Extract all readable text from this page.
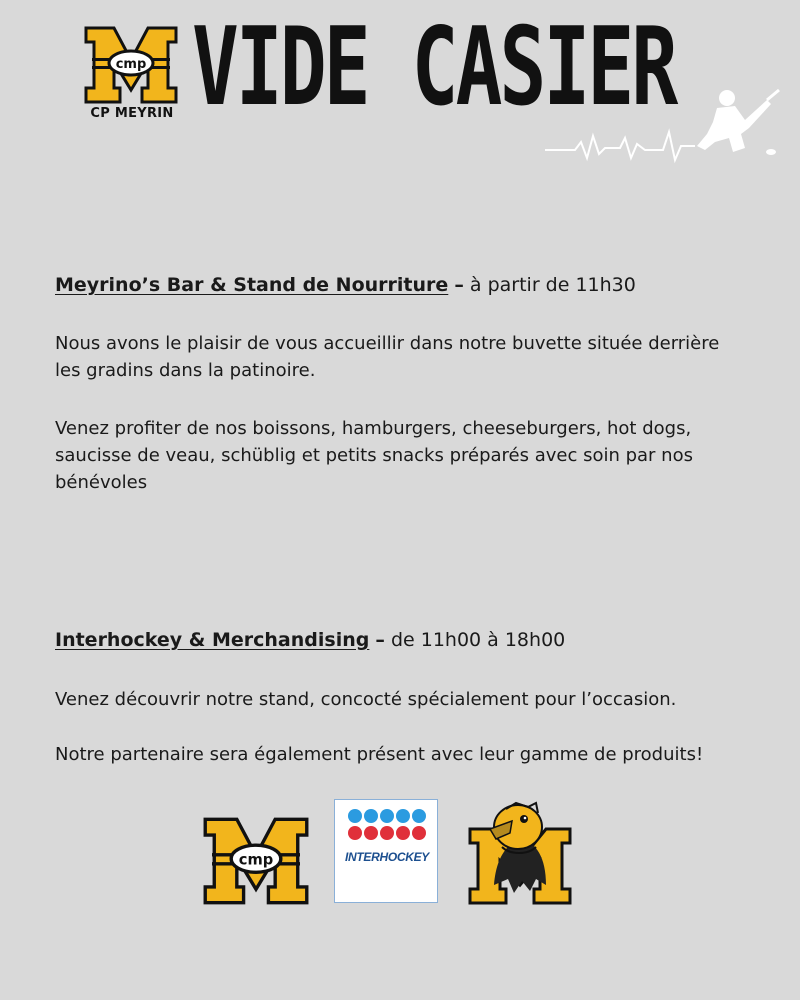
cmp
CP MEYRIN VIDE CASIER
Meyrino’s Bar & Stand de Nourriture – à partir de 11h30

Nous avons le plaisir de vous accueillir dans notre buvette située derrière les gradins dans la patinoire.

Venez profiter de nos boissons, hamburgers, cheeseburgers, hot dogs, saucisse de veau, schüblig et petits snacks préparés avec soin par nos bénévoles

Interhockey & Merchandising – de 11h00 à 18h00

Venez découvrir notre stand, concocté spécialement pour l’occasion.

Notre partenaire sera également présent avec leur gamme de produits!

cmp	INTERHOCKEY
